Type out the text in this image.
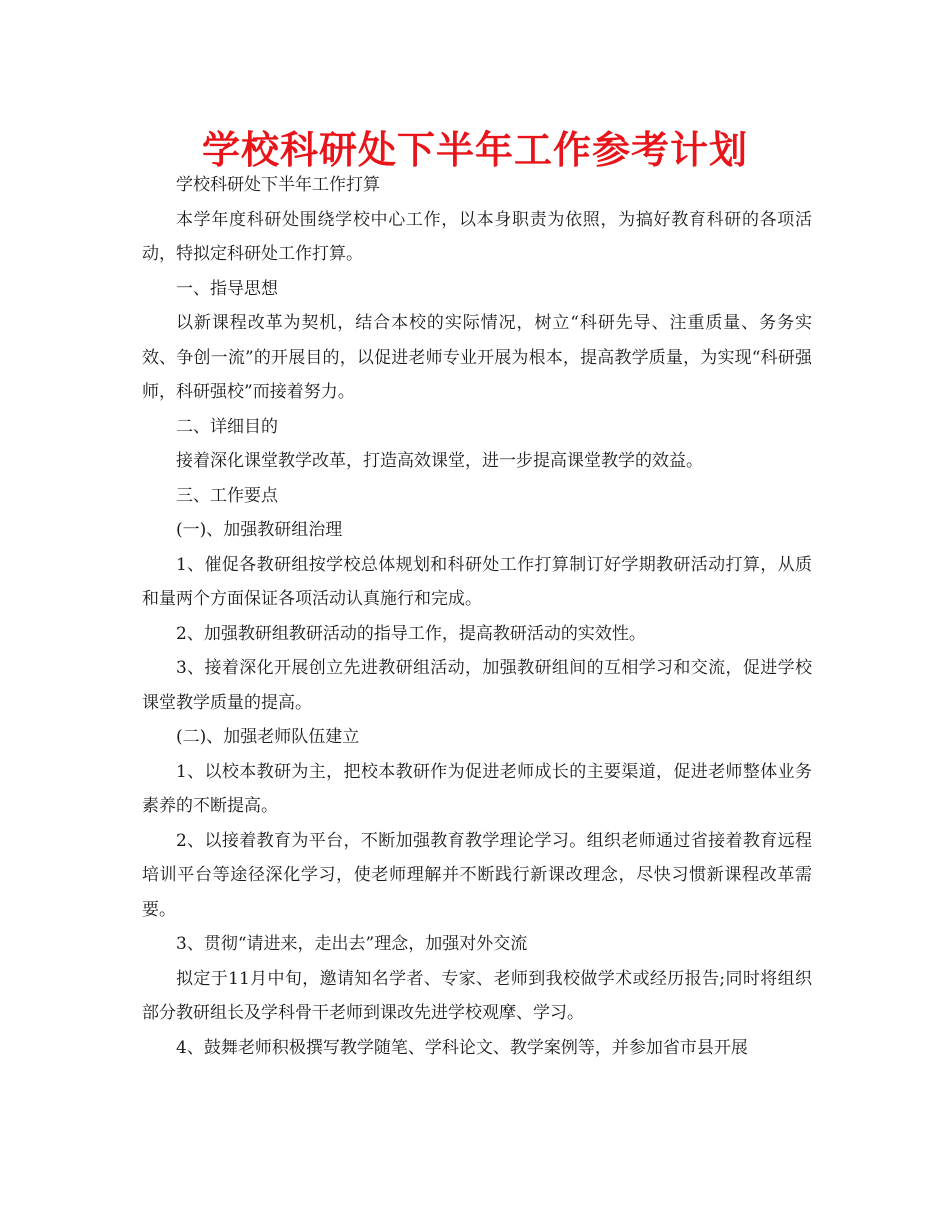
学校科研处下半年工作参考计划

学校科研处下半年工作打算

本学年度科研处围绕学校中心工作，以本身职责为依照，为搞好教育科研的各项活动，特拟定科研处工作打算。

一、指导思想

以新课程改革为契机，结合本校的实际情况，树立“科研先导、注重质量、务务实效、争创一流”的开展目的，以促进老师专业开展为根本，提高教学质量，为实现“科研强师，科研强校”而接着努力。

二、详细目的

接着深化课堂教学改革，打造高效课堂，进一步提高课堂教学的效益。

三、工作要点

(一)、加强教研组治理

1、催促各教研组按学校总体规划和科研处工作打算制订好学期教研活动打算，从质和量两个方面保证各项活动认真施行和完成。

2、加强教研组教研活动的指导工作，提高教研活动的实效性。

3、接着深化开展创立先进教研组活动，加强教研组间的互相学习和交流，促进学校课堂教学质量的提高。

(二)、加强老师队伍建立

1、以校本教研为主，把校本教研作为促进老师成长的主要渠道，促进老师整体业务素养的不断提高。

2、以接着教育为平台，不断加强教育教学理论学习。组织老师通过省接着教育远程培训平台等途径深化学习，使老师理解并不断践行新课改理念，尽快习惯新课程改革需要。

3、贯彻“请进来，走出去”理念，加强对外交流

拟定于11月中旬，邀请知名学者、专家、老师到我校做学术或经历报告;同时将组织部分教研组长及学科骨干老师到课改先进学校观摩、学习。

4、鼓舞老师积极撰写教学随笔、学科论文、教学案例等，并参加省市县开展
